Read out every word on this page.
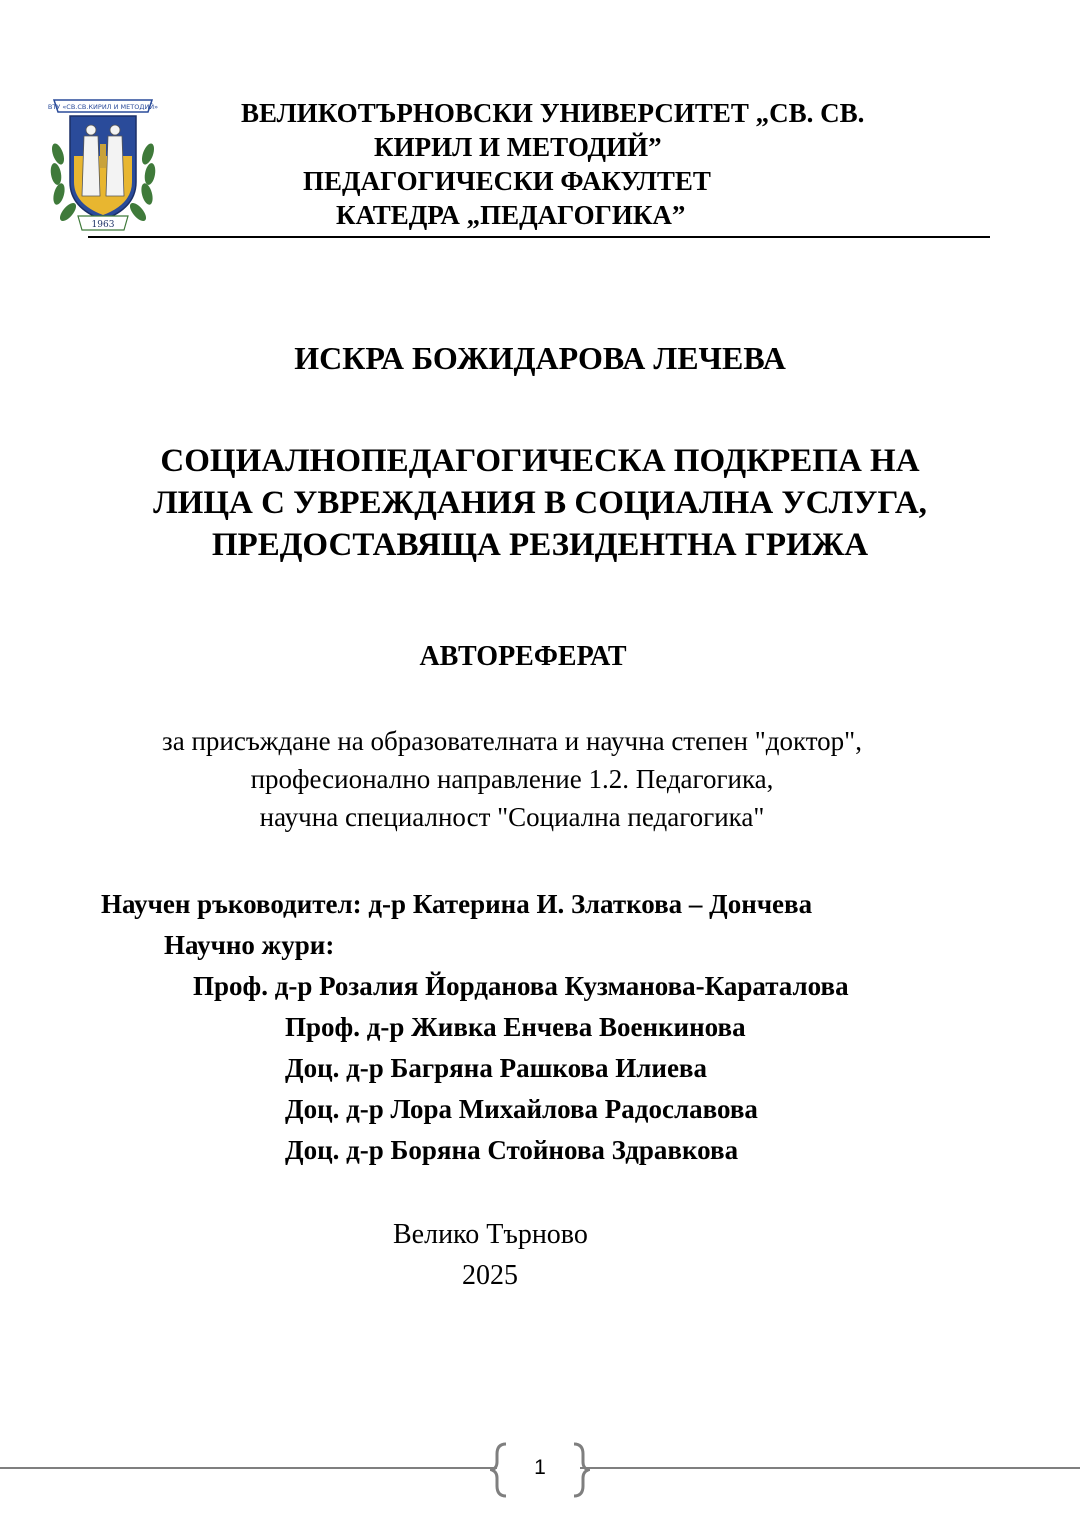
ВТУ «СВ.СВ.КИРИЛ И МЕТОДИЙ»
1963
ВЕЛИКОТЪРНОВСКИ УНИВЕРСИТЕТ „СВ. СВ.
КИРИЛ И МЕТОДИЙ”
ПЕДАГОГИЧЕСКИ ФАКУЛТЕТ
КАТЕДРА „ПЕДАГОГИКА”
ИСКРА БОЖИДАРОВА ЛЕЧЕВА
СОЦИАЛНОПЕДАГОГИЧЕСКА ПОДКРЕПА НА
ЛИЦА С УВРЕЖДАНИЯ В СОЦИАЛНА УСЛУГА,
ПРЕДОСТАВЯЩА РЕЗИДЕНТНА ГРИЖА
АВТОРЕФЕРАТ
за присъждане на образователната и научна степен "доктор",
професионално направление 1.2. Педагогика,
научна специалност "Социална педагогика"
Научен ръководител: д-р Катерина И. Златкова – Дончева
Научно жури:
Проф. д-р Розалия Йорданова Кузманова-Караталова
Проф. д-р Живка Енчева Военкинова
Доц. д-р Багряна Рашкова Илиева
Доц. д-р Лора Михайлова Радославова
Доц. д-р Боряна Стойнова Здравкова
Велико Търново
2025
1
